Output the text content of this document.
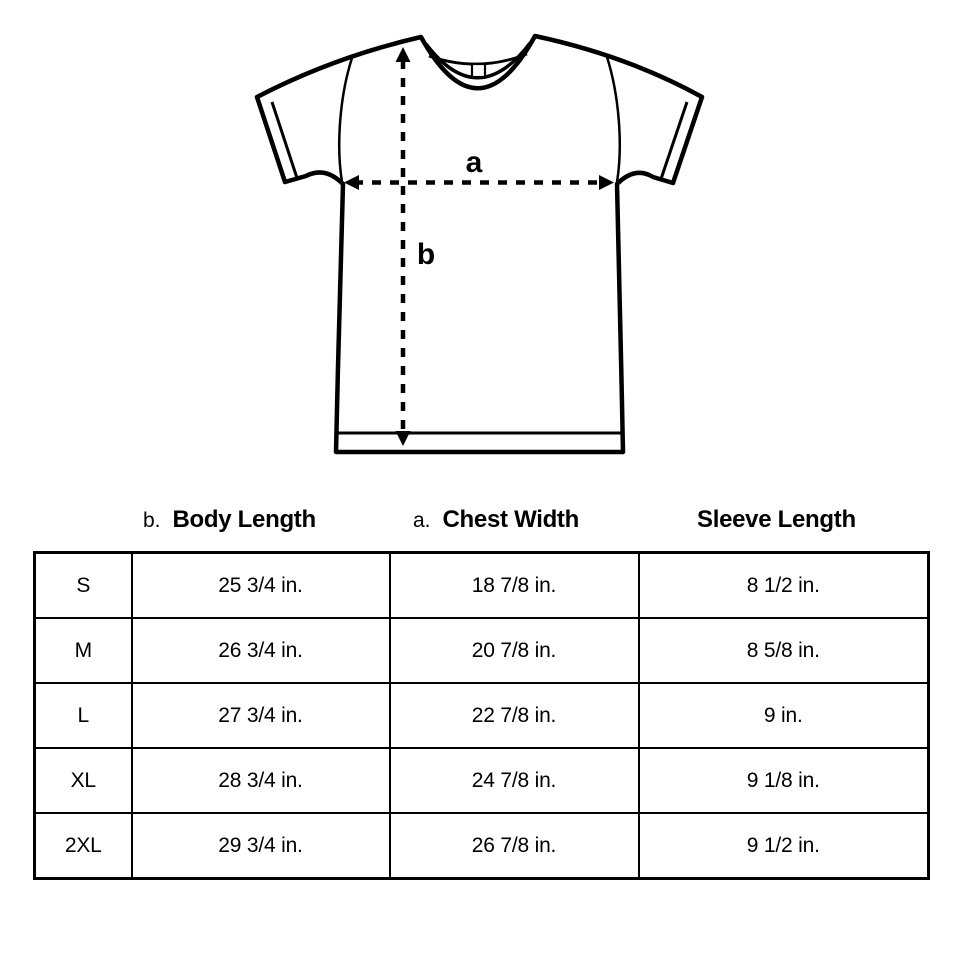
a
b
b. Body Length	a. Chest Width	Sleeve Length
S	25 3/4 in.	18 7/8 in.	8 1/2 in.
M	26 3/4 in.	20 7/8 in.	8 5/8 in.
L	27 3/4 in.	22 7/8 in.	9 in.
XL	28 3/4 in.	24 7/8 in.	9 1/8 in.
2XL	29 3/4 in.	26 7/8 in.	9 1/2 in.
